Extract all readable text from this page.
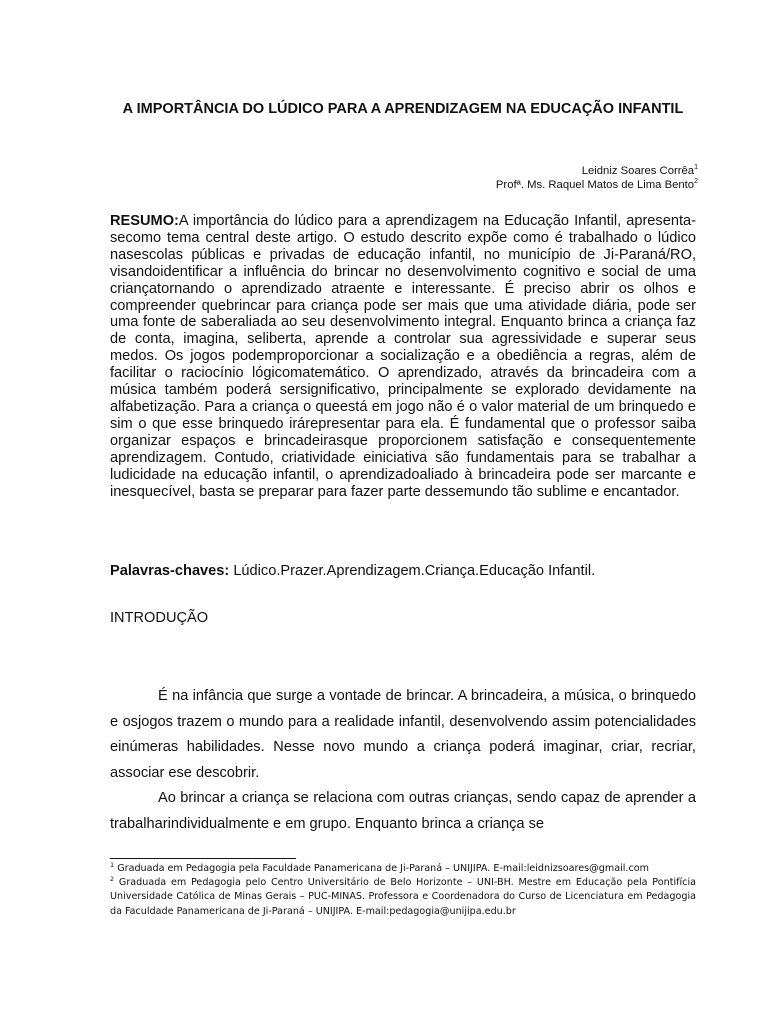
A IMPORTÂNCIA DO LÚDICO PARA A APRENDIZAGEM NA EDUCAÇÃO INFANTIL
Leidniz Soares Corrêa$^1$
Profª. Ms. Raquel Matos de Lima Bento$^2$

RESUMO:A importância do lúdico para a aprendizagem na Educação Infantil, apresenta-secomo tema central deste artigo. O estudo descrito expõe como é trabalhado o lúdico nasescolas públicas e privadas de educação infantil, no município de Ji-Paraná/RO, visandoidentificar a influência do brincar no desenvolvimento cognitivo e social de uma criançatornando o aprendizado atraente e interessante. É preciso abrir os olhos e compreender quebrincar para criança pode ser mais que uma atividade diária, pode ser uma fonte de saberaliada ao seu desenvolvimento integral. Enquanto brinca a criança faz de conta, imagina, seliberta, aprende a controlar sua agressividade e superar seus medos. Os jogos podemproporcionar a socialização e a obediência a regras, além de facilitar o raciocínio lógicomatemático. O aprendizado, através da brincadeira com a música também poderá sersignificativo, principalmente se explorado devidamente na alfabetização. Para a criança o queestá em jogo não é o valor material de um brinquedo e sim o que esse brinquedo irárepresentar para ela. É fundamental que o professor saiba organizar espaços e brincadeirasque proporcionem satisfação e consequentemente aprendizagem. Contudo, criatividade einiciativa são fundamentais para se trabalhar a ludicidade na educação infantil, o aprendizadoaliado à brincadeira pode ser marcante e inesquecível, basta se preparar para fazer parte dessemundo tão sublime e encantador.

Palavras-chaves: Lúdico.Prazer.Aprendizagem.Criança.Educação Infantil.

INTRODUÇÃO

É na infância que surge a vontade de brincar. A brincadeira, a música, o brinquedo e osjogos trazem o mundo para a realidade infantil, desenvolvendo assim potencialidades einúmeras habilidades. Nesse novo mundo a criança poderá imaginar, criar, recriar, associar ese descobrir.

Ao brincar a criança se relaciona com outras crianças, sendo capaz de aprender a trabalharindividualmente e em grupo. Enquanto brinca a criança se

$^1$ Graduada em Pedagogia pela Faculdade Panamericana de Ji-Paraná – UNIJIPA. E-mail:leidnizsoares@gmail.com

$^2$ Graduada em Pedagogia pelo Centro Universitário de Belo Horizonte – UNI-BH. Mestre em Educação pela Pontifícia Universidade Católica de Minas Gerais – PUC-MINAS. Professora e Coordenadora do Curso de Licenciatura em Pedagogia da Faculdade Panamericana de Ji-Paraná – UNIJIPA. E-mail:pedagogia@unijipa.edu.br
